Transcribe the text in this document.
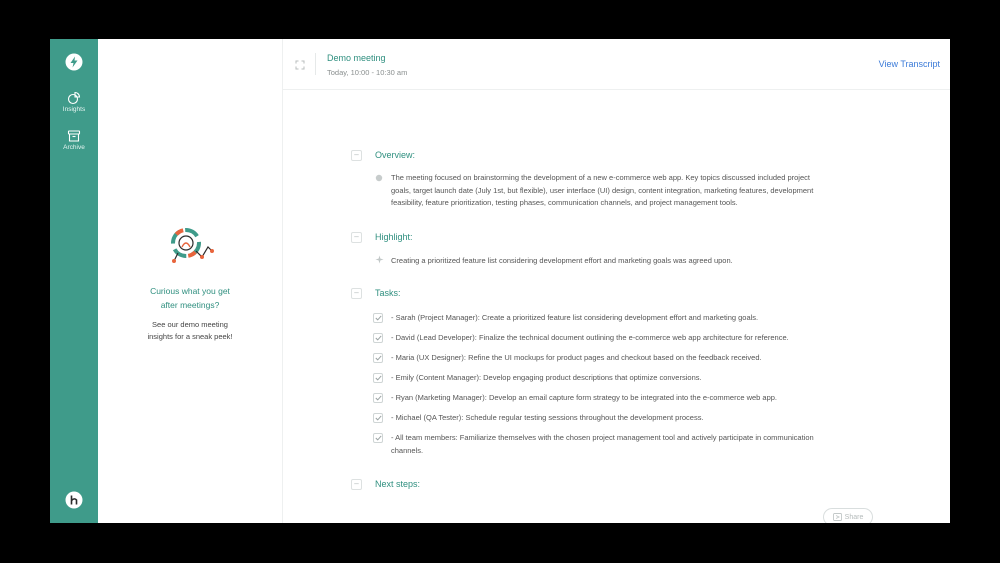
Insights
Archive
Curious what you get
after meetings?
See our demo meeting
insights for a sneak peek!
Demo meeting
Today, 10:00 - 10:30 am
View Transcript
–	Overview:
The meeting focused on brainstorming the development of a new e-commerce web app. Key topics discussed included project
goals, target launch date (July 1st, but flexible), user interface (UI) design, content integration, marketing features, development
feasibility, feature prioritization, testing phases, communication channels, and project management tools.
–	Highlight:
Creating a prioritized feature list considering development effort and marketing goals was agreed upon.
–	Tasks:
- Sarah (Project Manager): Create a prioritized feature list considering development effort and marketing goals.
- David (Lead Developer): Finalize the technical document outlining the e-commerce web app architecture for reference.
- Maria (UX Designer): Refine the UI mockups for product pages and checkout based on the feedback received.
- Emily (Content Manager): Develop engaging product descriptions that optimize conversions.
- Ryan (Marketing Manager): Develop an email capture form strategy to be integrated into the e-commerce web app.
- Michael (QA Tester): Schedule regular testing sessions throughout the development process.
- All team members: Familiarize themselves with the chosen project management tool and actively participate in communication
channels.
–	Next steps:
Share
